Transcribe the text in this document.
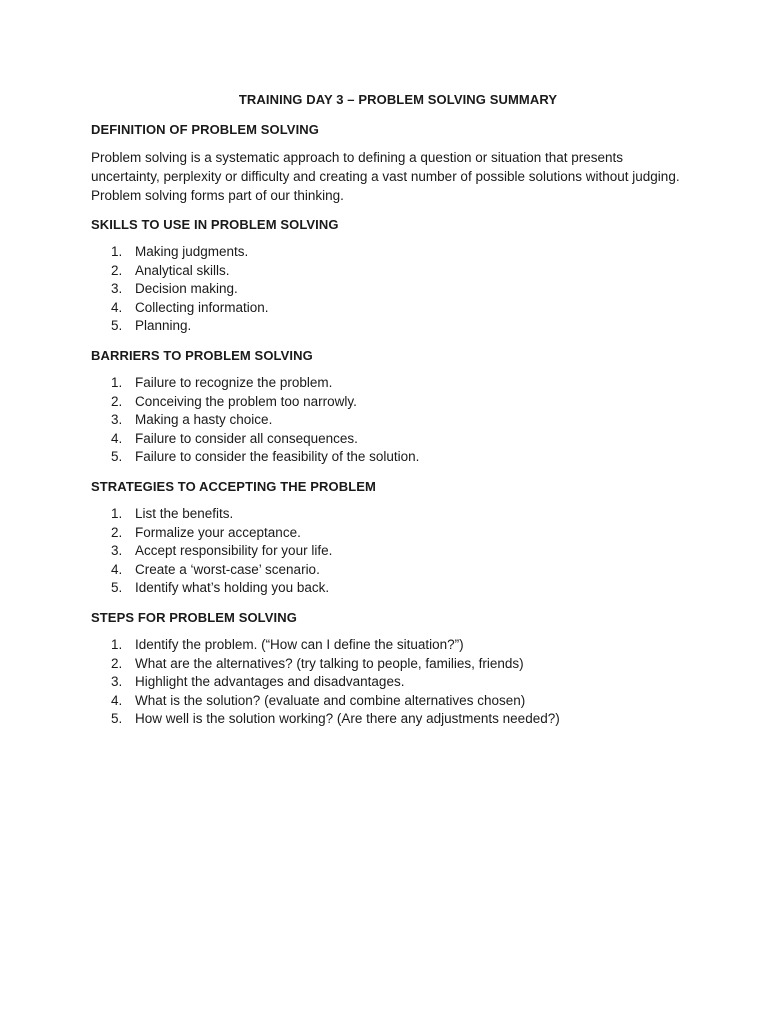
TRAINING DAY 3 – PROBLEM SOLVING SUMMARY
DEFINITION OF PROBLEM SOLVING

Problem solving is a systematic approach to defining a question or situation that presents uncertainty, perplexity or difficulty and creating a vast number of possible solutions without judging. Problem solving forms part of our thinking.

SKILLS TO USE IN PROBLEM SOLVING
1. Making judgments.
2. Analytical skills.
3. Decision making.
4. Collecting information.
5. Planning.
BARRIERS TO PROBLEM SOLVING
1. Failure to recognize the problem.
2. Conceiving the problem too narrowly.
3. Making a hasty choice.
4. Failure to consider all consequences.
5. Failure to consider the feasibility of the solution.
STRATEGIES TO ACCEPTING THE PROBLEM
1. List the benefits.
2. Formalize your acceptance.
3. Accept responsibility for your life.
4. Create a ‘worst-case’ scenario.
5. Identify what’s holding you back.
STEPS FOR PROBLEM SOLVING
1. Identify the problem. (“How can I define the situation?”)
2. What are the alternatives? (try talking to people, families, friends)
3. Highlight the advantages and disadvantages.
4. What is the solution? (evaluate and combine alternatives chosen)
5. How well is the solution working? (Are there any adjustments needed?)
